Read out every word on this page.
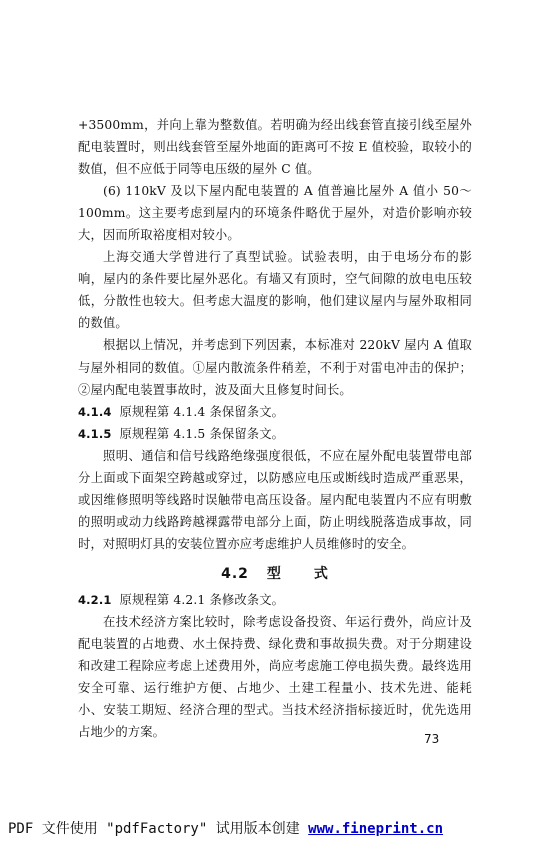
+3500mm，并向上靠为整数值。若明确为经出线套管直接引线至屋外配电装置时，则出线套管至屋外地面的距离可不按 E 值校验，取较小的数值，但不应低于同等电压级的屋外 C 值。

(6) 110kV 及以下屋内配电装置的 A 值普遍比屋外 A 值小 50～100mm。这主要考虑到屋内的环境条件略优于屋外，对造价影响亦较大，因而所取裕度相对较小。

上海交通大学曾进行了真型试验。试验表明，由于电场分布的影响，屋内的条件要比屋外恶化。有墙又有顶时，空气间隙的放电电压较低，分散性也较大。但考虑大温度的影响，他们建议屋内与屋外取相同的数值。

根据以上情况，并考虑到下列因素，本标准对 220kV 屋内 A 值取与屋外相同的数值。①屋内散流条件稍差，不利于对雷电冲击的保护；②屋内配电装置事故时，波及面大且修复时间长。

4.1.4 原规程第 4.1.4 条保留条文。

4.1.5 原规程第 4.1.5 条保留条文。

照明、通信和信号线路绝缘强度很低，不应在屋外配电装置带电部分上面或下面架空跨越或穿过，以防感应电压或断线时造成严重恶果，或因维修照明等线路时误触带电高压设备。屋内配电装置内不应有明敷的照明或动力线路跨越裸露带电部分上面，防止明线脱落造成事故，同时，对照明灯具的安装位置亦应考虑维护人员维修时的安全。

4.2 型 式

4.2.1 原规程第 4.2.1 条修改条文。

在技术经济方案比较时，除考虑设备投资、年运行费外，尚应计及配电装置的占地费、水土保持费、绿化费和事故损失费。对于分期建设和改建工程除应考虑上述费用外，尚应考虑施工停电损失费。最终选用安全可靠、运行维护方便、占地少、土建工程量小、技术先进、能耗小、安装工期短、经济合理的型式。当技术经济指标接近时，优先选用占地少的方案。	73
PDF 文件使用 "pdfFactory" 试用版本创建 www.fineprint.cn
